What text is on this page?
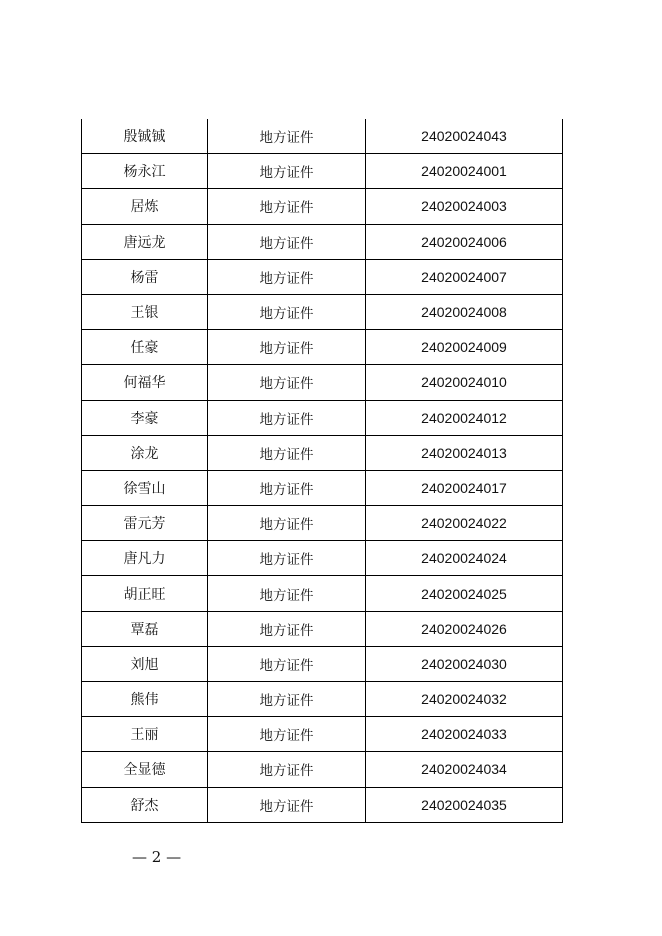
殷铖铖	地方证件	24020024043
杨永江	地方证件	24020024001
居炼	地方证件	24020024003
唐远龙	地方证件	24020024006
杨雷	地方证件	24020024007
王银	地方证件	24020024008
任豪	地方证件	24020024009
何福华	地方证件	24020024010
李豪	地方证件	24020024012
涂龙	地方证件	24020024013
徐雪山	地方证件	24020024017
雷元芳	地方证件	24020024022
唐凡力	地方证件	24020024024
胡正旺	地方证件	24020024025
覃磊	地方证件	24020024026
刘旭	地方证件	24020024030
熊伟	地方证件	24020024032
王丽	地方证件	24020024033
全显德	地方证件	24020024034
舒杰	地方证件	24020024035
— 2 —
